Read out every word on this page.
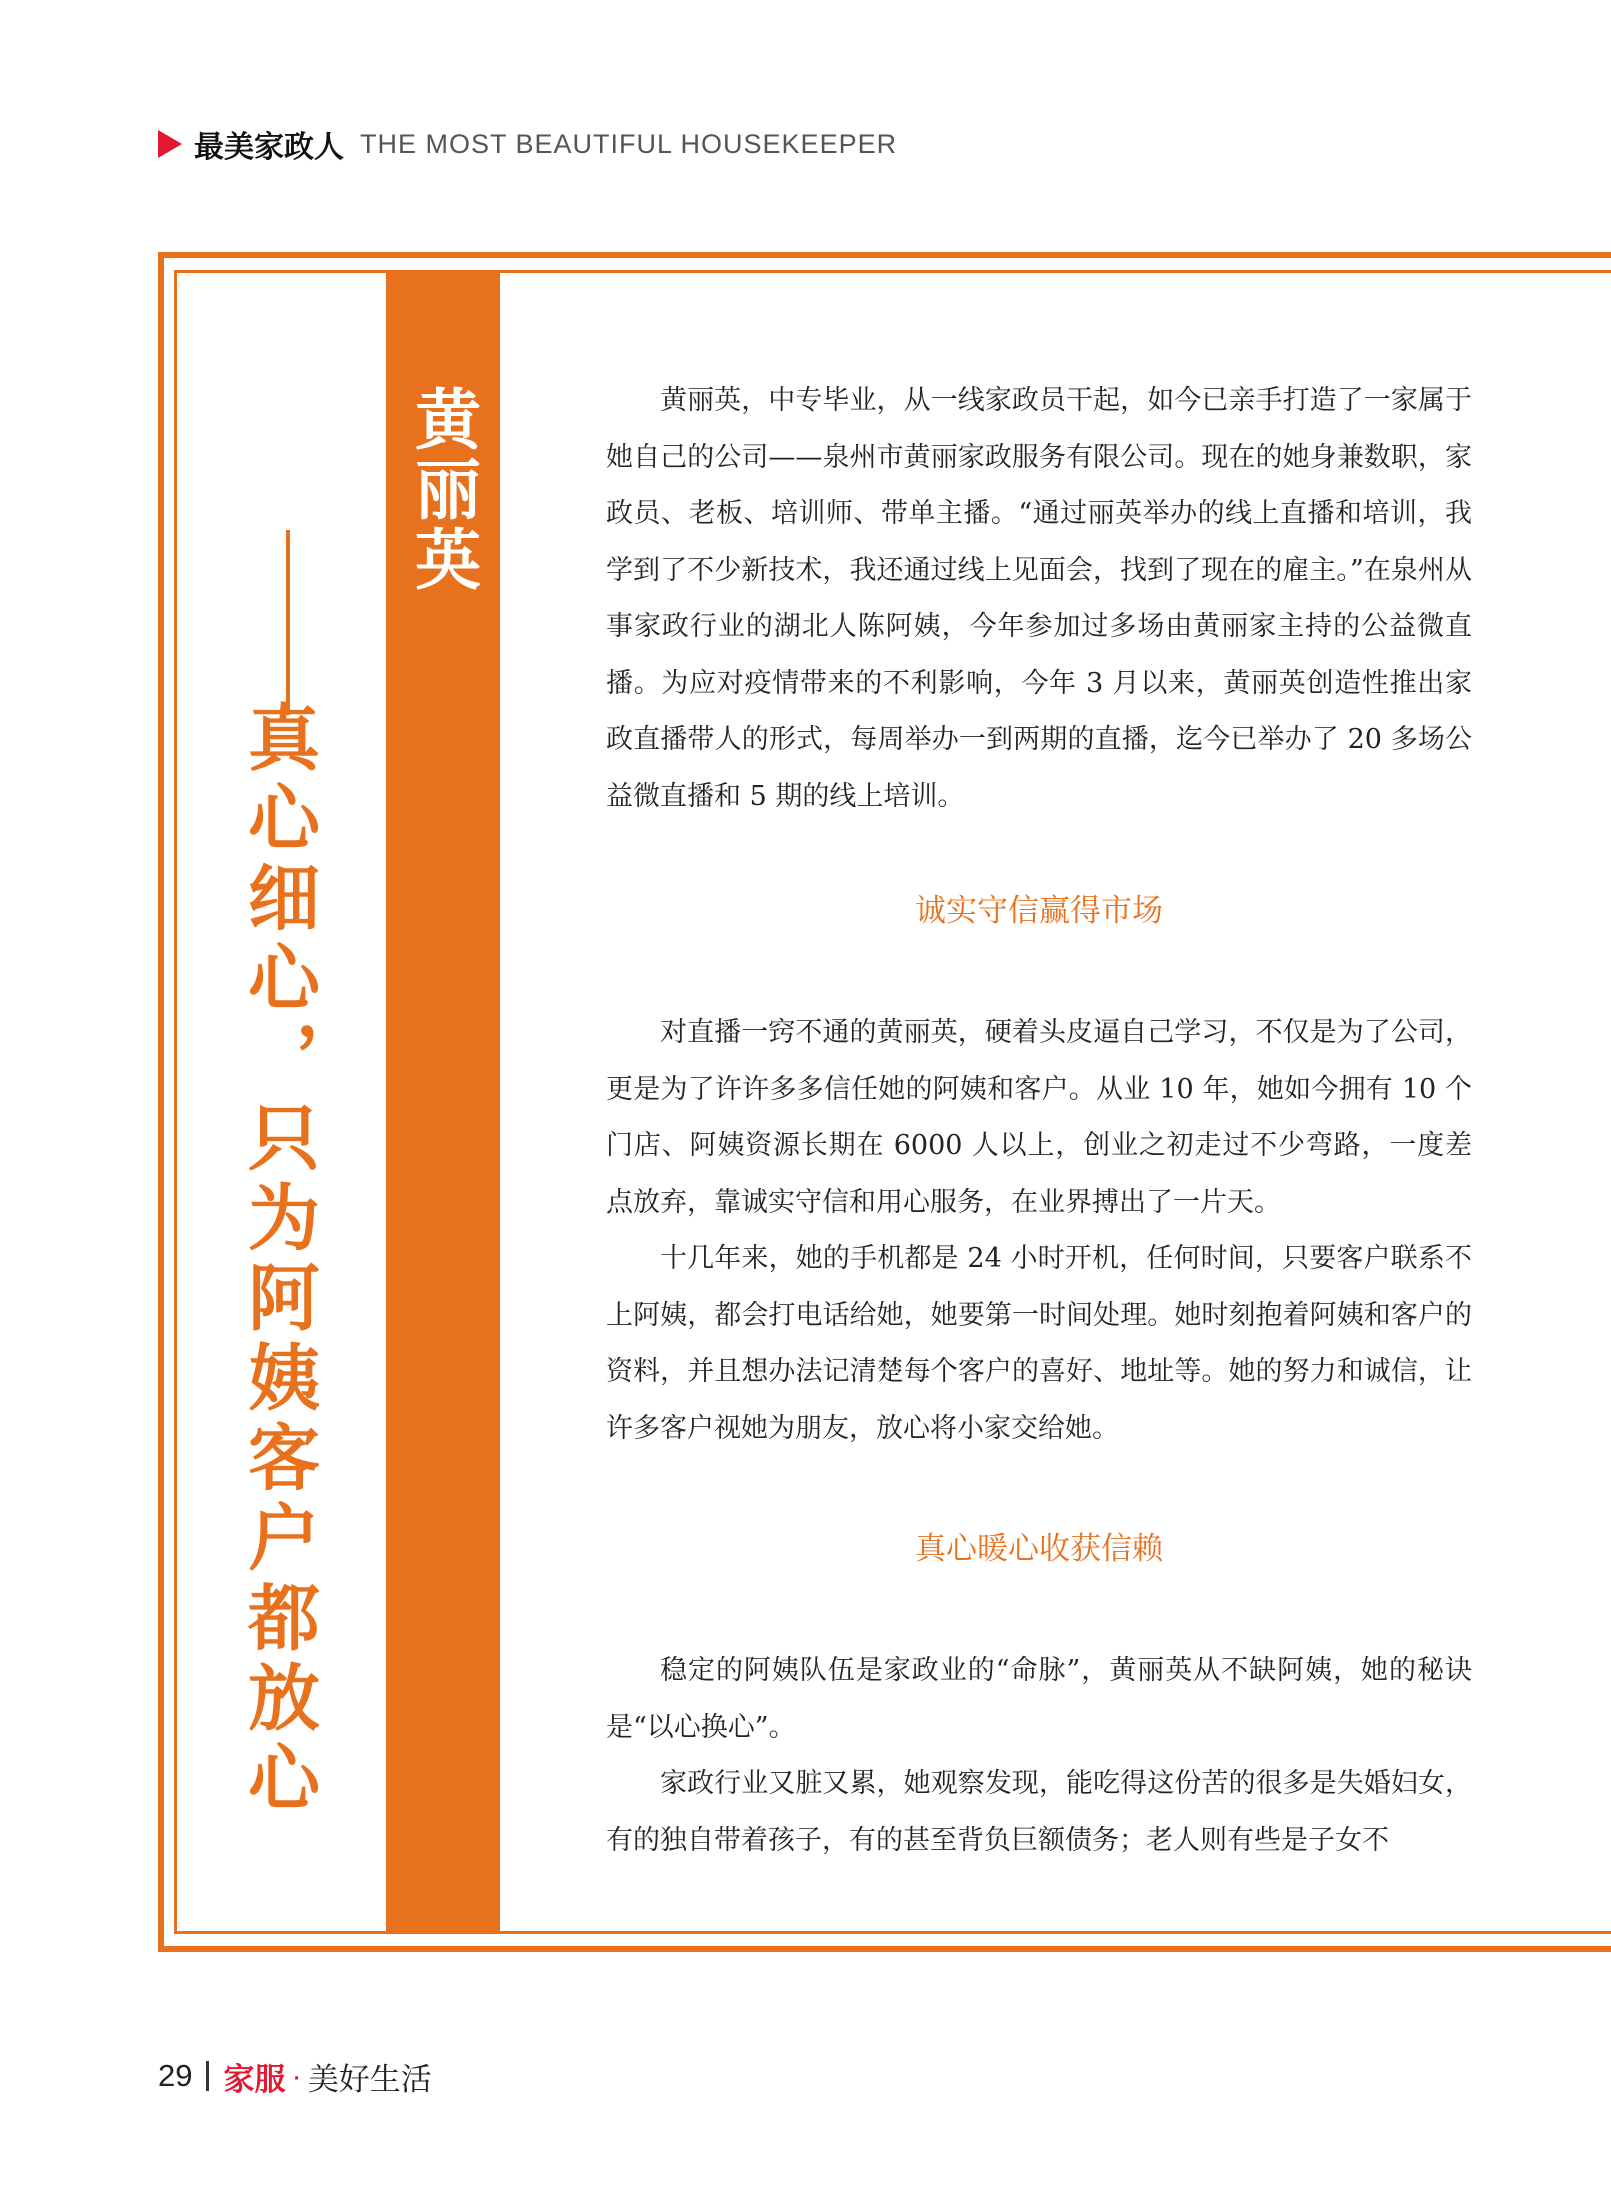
最美家政人 THE MOST BEAUTIFUL HOUSEKEEPER
黄丽英
真心细心，只为阿姨客户都放心

黄丽英，中专毕业，从一线家政员干起，如今已亲手打造了一家属于她自己的公司——泉州市黄丽家政服务有限公司。现在的她身兼数职，家政员、老板、培训师、带单主播。“通过丽英举办的线上直播和培训，我学到了不少新技术，我还通过线上见面会，找到了现在的雇主。”在泉州从事家政行业的湖北人陈阿姨，今年参加过多场由黄丽家主持的公益微直播。为应对疫情带来的不利影响，今年 3 月以来，黄丽英创造性推出家政直播带人的形式，每周举办一到两期的直播，迄今已举办了 20 多场公益微直播和 5 期的线上培训。

诚实守信赢得市场

对直播一窍不通的黄丽英，硬着头皮逼自己学习，不仅是为了公司，更是为了许许多多信任她的阿姨和客户。从业 10 年，她如今拥有 10 个门店、阿姨资源长期在 6000 人以上，创业之初走过不少弯路，一度差点放弃，靠诚实守信和用心服务，在业界搏出了一片天。

十几年来，她的手机都是 24 小时开机，任何时间，只要客户联系不上阿姨，都会打电话给她，她要第一时间处理。她时刻抱着阿姨和客户的资料，并且想办法记清楚每个客户的喜好、地址等。她的努力和诚信，让许多客户视她为朋友，放心将小家交给她。

真心暖心收获信赖

稳定的阿姨队伍是家政业的“命脉”，黄丽英从不缺阿姨，她的秘诀是“以心换心”。

家政行业又脏又累，她观察发现，能吃得这份苦的很多是失婚妇女，有的独自带着孩子，有的甚至背负巨额债务；老人则有些是子女不

29 家服 · 美好生活
